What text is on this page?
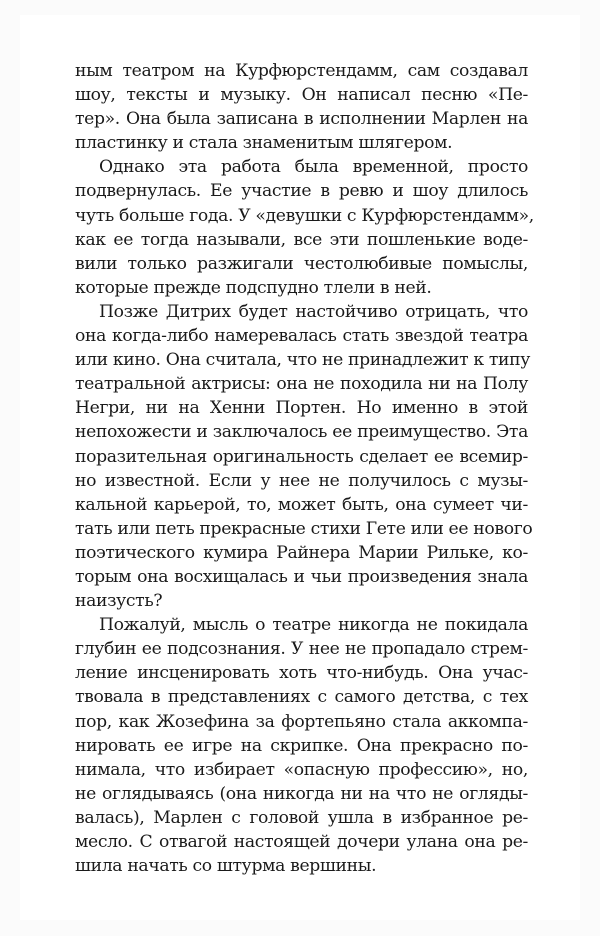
ным театром на Курфюрстендамм, сам создавал
шоу, тексты и музыку. Он написал песню «Пе-
тер». Она была записана в исполнении Марлен на
пластинку и стала знаменитым шлягером.
Однако эта работа была временной, просто
подвернулась. Ее участие в ревю и шоу длилось
чуть больше года. У «девушки с Курфюрстендамм»,
как ее тогда называли, все эти пошленькие воде-
вили только разжигали честолюбивые помыслы,
которые прежде подспудно тлели в ней.
Позже Дитрих будет настойчиво отрицать, что
она когда-либо намеревалась стать звездой театра
или кино. Она считала, что не принадлежит к типу
театральной актрисы: она не походила ни на Полу
Негри, ни на Хенни Портен. Но именно в этой
непохожести и заключалось ее преимущество. Эта
поразительная оригинальность сделает ее всемир-
но известной. Если у нее не получилось с музы-
кальной карьерой, то, может быть, она сумеет чи-
тать или петь прекрасные стихи Гете или ее нового
поэтического кумира Райнера Марии Рильке, ко-
торым она восхищалась и чьи произведения знала
наизусть?
Пожалуй, мысль о театре никогда не покидала
глубин ее подсознания. У нее не пропадало стрем-
ление инсценировать хоть что-нибудь. Она учас-
твовала в представлениях с самого детства, с тех
пор, как Жозефина за фортепьяно стала аккомпа-
нировать ее игре на скрипке. Она прекрасно по-
нимала, что избирает «опасную профессию», но,
не оглядываясь (она никогда ни на что не огляды-
валась), Марлен с головой ушла в избранное ре-
месло. С отвагой настоящей дочери улана она ре-
шила начать со штурма вершины.
